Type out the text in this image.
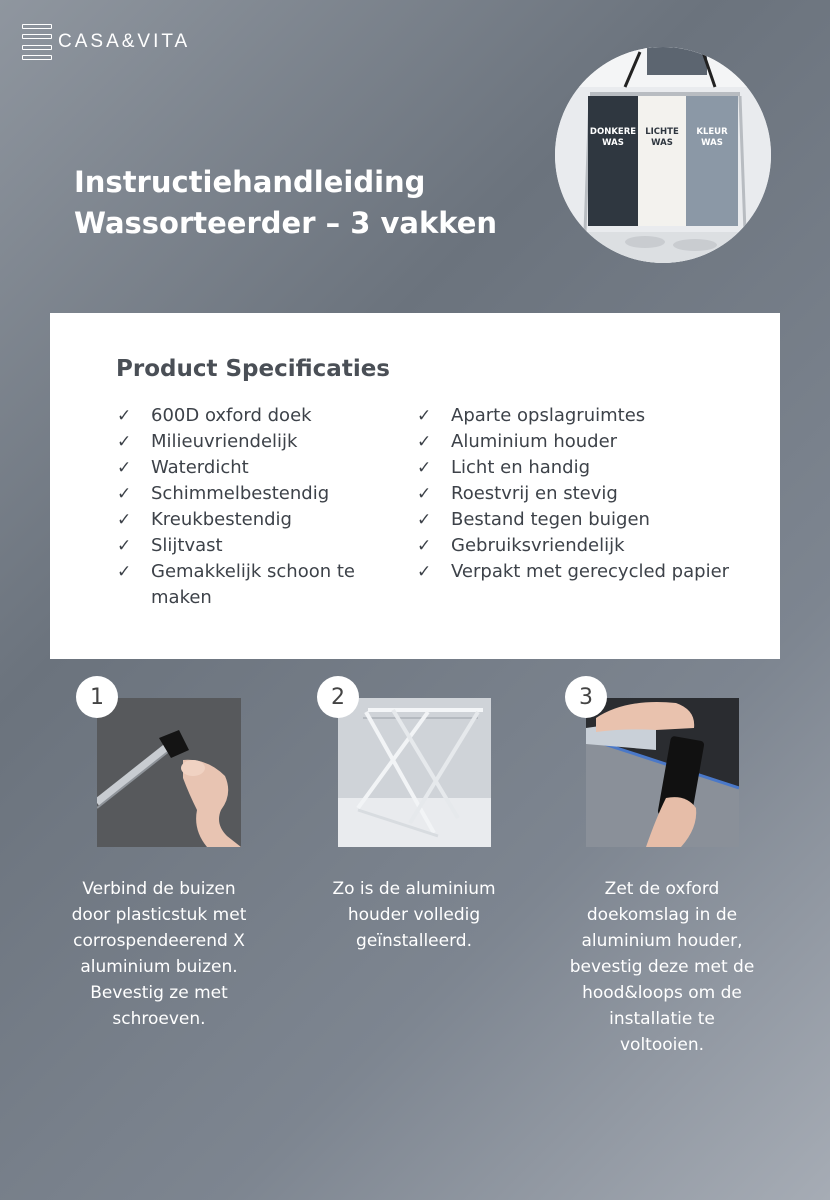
CASA&VITA
Instructiehandleiding
Wassorteerder – 3 vakken
DONKERE
WAS
LICHTE
WAS
KLEUR
WAS
Product Specificaties
✓	600D oxford doek
✓	Milieuvriendelijk
✓	Waterdicht
✓	Schimmelbestendig
✓	Kreukbestendig
✓	Slijtvast
✓	Gemakkelijk schoon te maken
✓	Aparte opslagruimtes
✓	Aluminium houder
✓	Licht en handig
✓	Roestvrij en stevig
✓	Bestand tegen buigen
✓	Gebruiksvriendelijk
✓	Verpakt met gerecycled papier
1
Verbind de buizen door plasticstuk met corrospendeerend X aluminium buizen. Bevestig ze met schroeven.
2
Zo is de aluminium houder volledig geïnstalleerd.
3
Zet de oxford doekomslag in de aluminium houder, bevestig deze met de hood&loops om de installatie te voltooien.
